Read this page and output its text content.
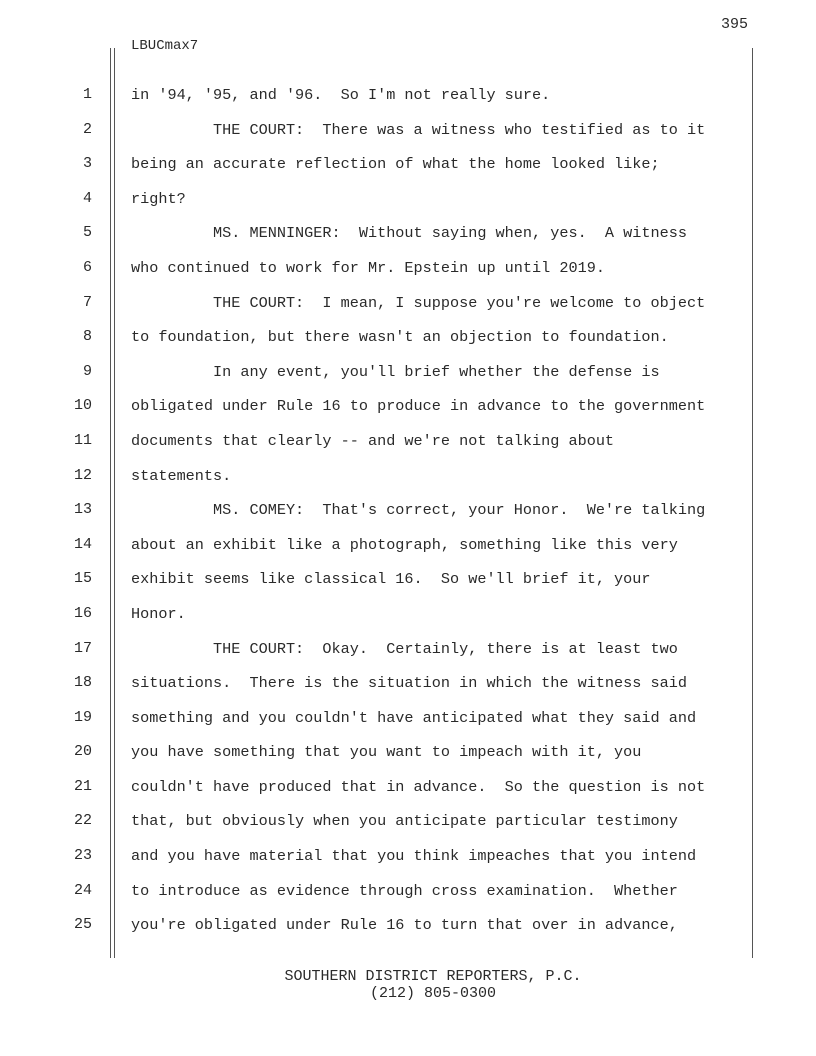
395
LBUCmax7
1
2
3
4
5
6
7
8
9
10
11
12
13
14
15
16
17
18
19
20
21
22
23
24
25
in '94, '95, and '96.  So I'm not really sure.
THE COURT:  There was a witness who testified as to it
being an accurate reflection of what the home looked like;
right?
MS. MENNINGER:  Without saying when, yes.  A witness
who continued to work for Mr. Epstein up until 2019.
THE COURT:  I mean, I suppose you're welcome to object
to foundation, but there wasn't an objection to foundation.
In any event, you'll brief whether the defense is
obligated under Rule 16 to produce in advance to the government
documents that clearly -- and we're not talking about
statements.
MS. COMEY:  That's correct, your Honor.  We're talking
about an exhibit like a photograph, something like this very
exhibit seems like classical 16.  So we'll brief it, your
Honor.
THE COURT:  Okay.  Certainly, there is at least two
situations.  There is the situation in which the witness said
something and you couldn't have anticipated what they said and
you have something that you want to impeach with it, you
couldn't have produced that in advance.  So the question is not
that, but obviously when you anticipate particular testimony
and you have material that you think impeaches that you intend
to introduce as evidence through cross examination.  Whether
you're obligated under Rule 16 to turn that over in advance,
SOUTHERN DISTRICT REPORTERS, P.C.
(212) 805-0300
